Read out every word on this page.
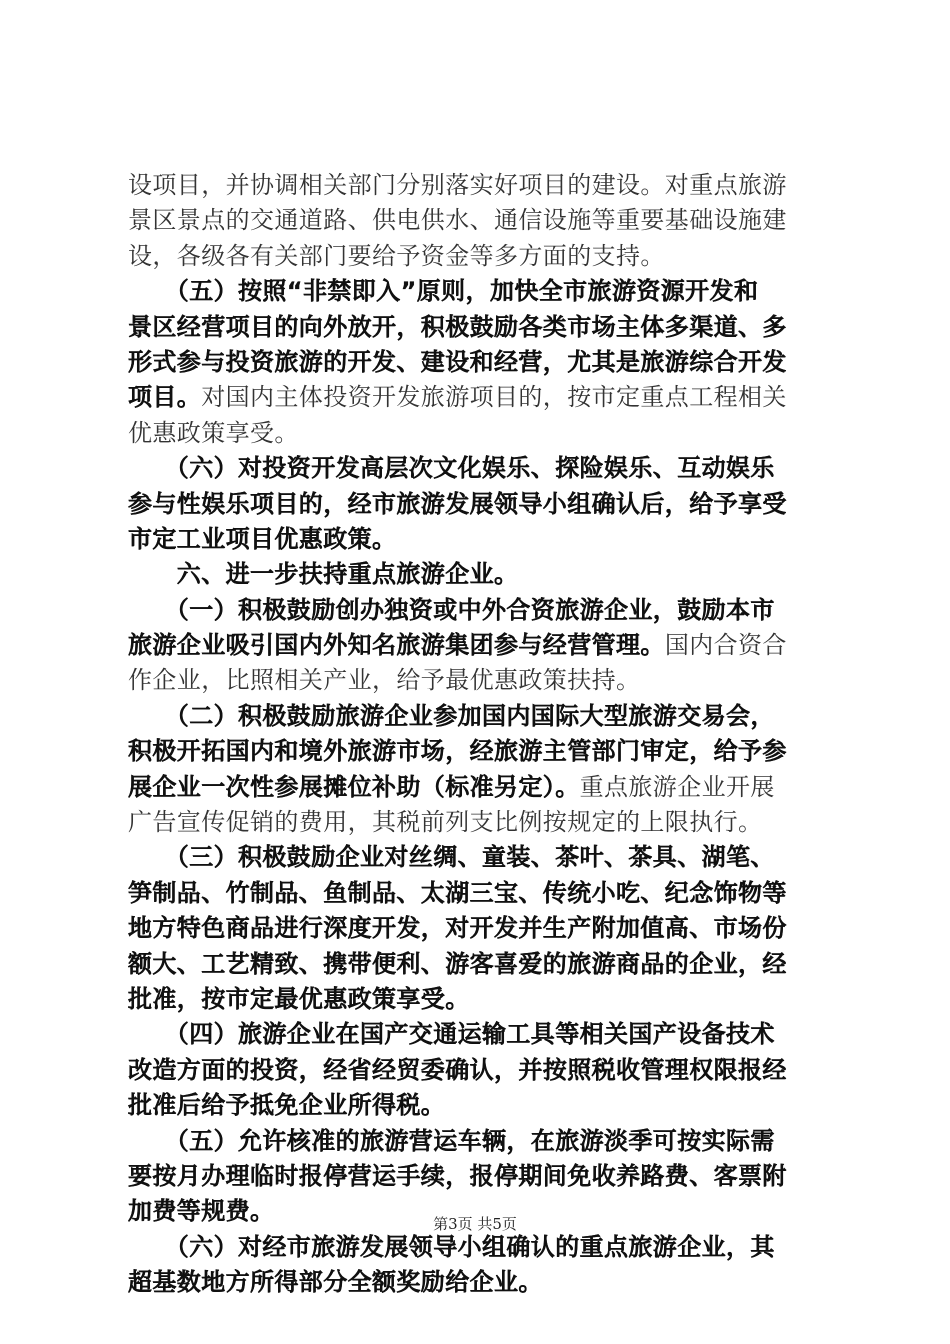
设项目，并协调相关部门分别落实好项目的建设。对重点旅游
景区景点的交通道路、供电供水、通信设施等重要基础设施建
设，各级各有关部门要给予资金等多方面的支持。
　　（五）按照“非禁即入”原则，加快全市旅游资源开发和
景区经营项目的向外放开，积极鼓励各类市场主体多渠道、多
形式参与投资旅游的开发、建设和经营，尤其是旅游综合开发
项目。对国内主体投资开发旅游项目的，按市定重点工程相关
优惠政策享受。
　　（六）对投资开发高层次文化娱乐、探险娱乐、互动娱乐
参与性娱乐项目的，经市旅游发展领导小组确认后，给予享受
市定工业项目优惠政策。
　　六、进一步扶持重点旅游企业。
　　（一）积极鼓励创办独资或中外合资旅游企业，鼓励本市
旅游企业吸引国内外知名旅游集团参与经营管理。国内合资合
作企业，比照相关产业，给予最优惠政策扶持。
　　（二）积极鼓励旅游企业参加国内国际大型旅游交易会，
积极开拓国内和境外旅游市场，经旅游主管部门审定，给予参
展企业一次性参展摊位补助（标准另定）。重点旅游企业开展
广告宣传促销的费用，其税前列支比例按规定的上限执行。
　　（三）积极鼓励企业对丝绸、童装、茶叶、茶具、湖笔、
笋制品、竹制品、鱼制品、太湖三宝、传统小吃、纪念饰物等
地方特色商品进行深度开发，对开发并生产附加值高、市场份
额大、工艺精致、携带便利、游客喜爱的旅游商品的企业，经
批准，按市定最优惠政策享受。
　　（四）旅游企业在国产交通运输工具等相关国产设备技术
改造方面的投资，经省经贸委确认，并按照税收管理权限报经
批准后给予抵免企业所得税。
　　（五）允许核准的旅游营运车辆，在旅游淡季可按实际需
要按月办理临时报停营运手续，报停期间免收养路费、客票附
加费等规费。
　　（六）对经市旅游发展领导小组确认的重点旅游企业，其
超基数地方所得部分全额奖励给企业。
第3页 共5页
